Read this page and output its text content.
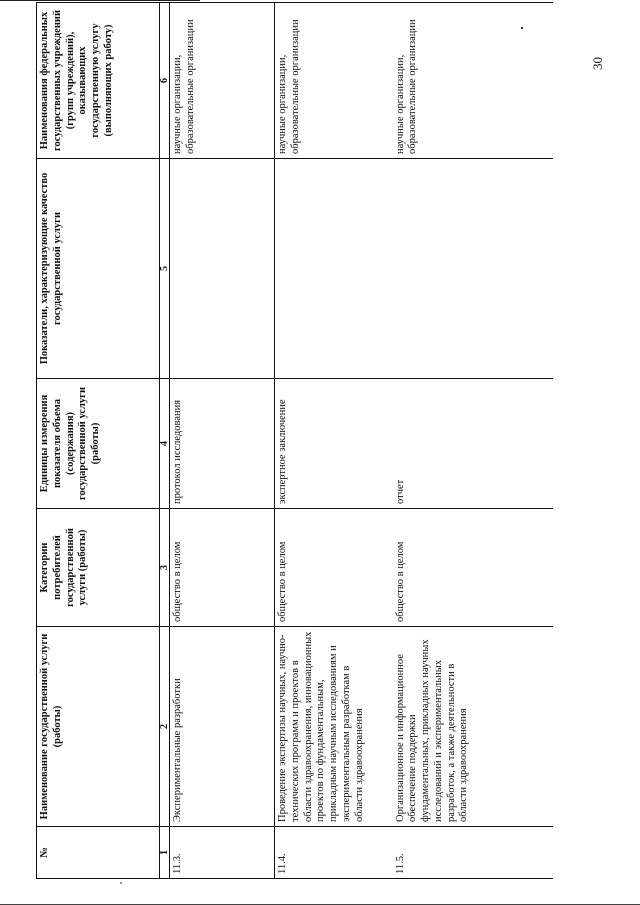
№	Наименование государственной услуги (работы)	Категории потребителей государственной услуги (работы)	Единицы измерения показателя объема (содержания) государственной услуги (работы)	Показатели, характеризующие качество государственной услуги	Наименования федеральных государственных учреждений (групп учреждений), оказывающих государственную услугу (выполняющих работу)
1	2	3	4	5	6
11.3.	Экспериментальные разработки	общество в целом	протокол исследования		научные организации, образовательные организации
11.4.	Проведение экспертизы научных, научно-технических программ и проектов в области здравоохранения, инновационных проектов по фундаментальным, прикладным научным исследованиям и экспериментальным разработкам в области здравоохранения	общество в целом	экспертное заключение		научные организации, образовательные организации
11.5.	Организационное и информационное обеспечение поддержки фундаментальных, прикладных научных исследований и экспериментальных разработок, а также деятельности в области здравоохранения	общество в целом	отчет		научные организации, образовательные организации	30
